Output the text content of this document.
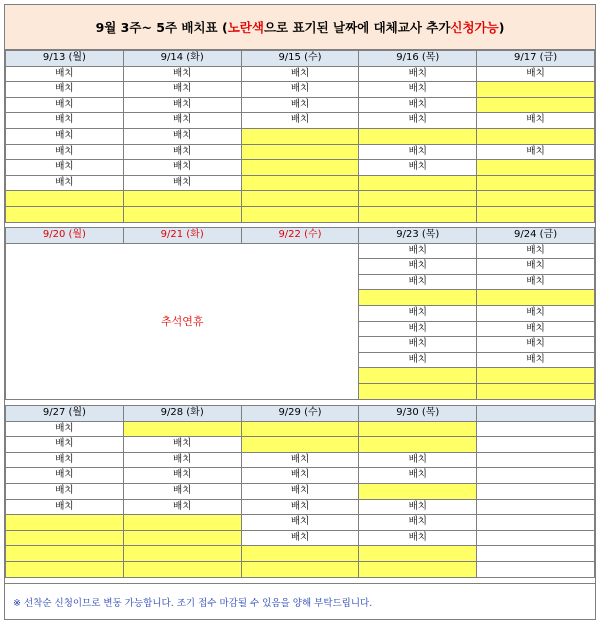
9월 3주~ 5주 배치표 ( 노란색 으로 표기된 날짜에 대체교사 추가 신청가능 )
9/13 (월)	9/14 (화)	9/15 (수)	9/16 (목)	9/17 (금)
배치	배치	배치	배치	배치
배치	배치	배치	배치	
배치	배치	배치	배치	
배치	배치	배치	배치	배치
배치	배치			
배치	배치		배치	배치
배치	배치		배치	
배치	배치			

9/20 (월)	9/21 (화)	9/22 (수)	9/23 (목)	9/24 (금)
추석연휴			배치	배치
			배치	배치
			배치	배치

			배치	배치
			배치	배치
			배치	배치
			배치	배치

9/27 (월)	9/28 (화)	9/29 (수)	9/30 (목)	
배치				
배치	배치			
배치	배치	배치	배치	
배치	배치	배치	배치	
배치	배치	배치		
배치	배치	배치	배치	
		배치	배치	
		배치	배치	

※ 선착순 신청이므로 변동 가능합니다. 조기 접수 마감될 수 있음을 양해 부탁드립니다.
